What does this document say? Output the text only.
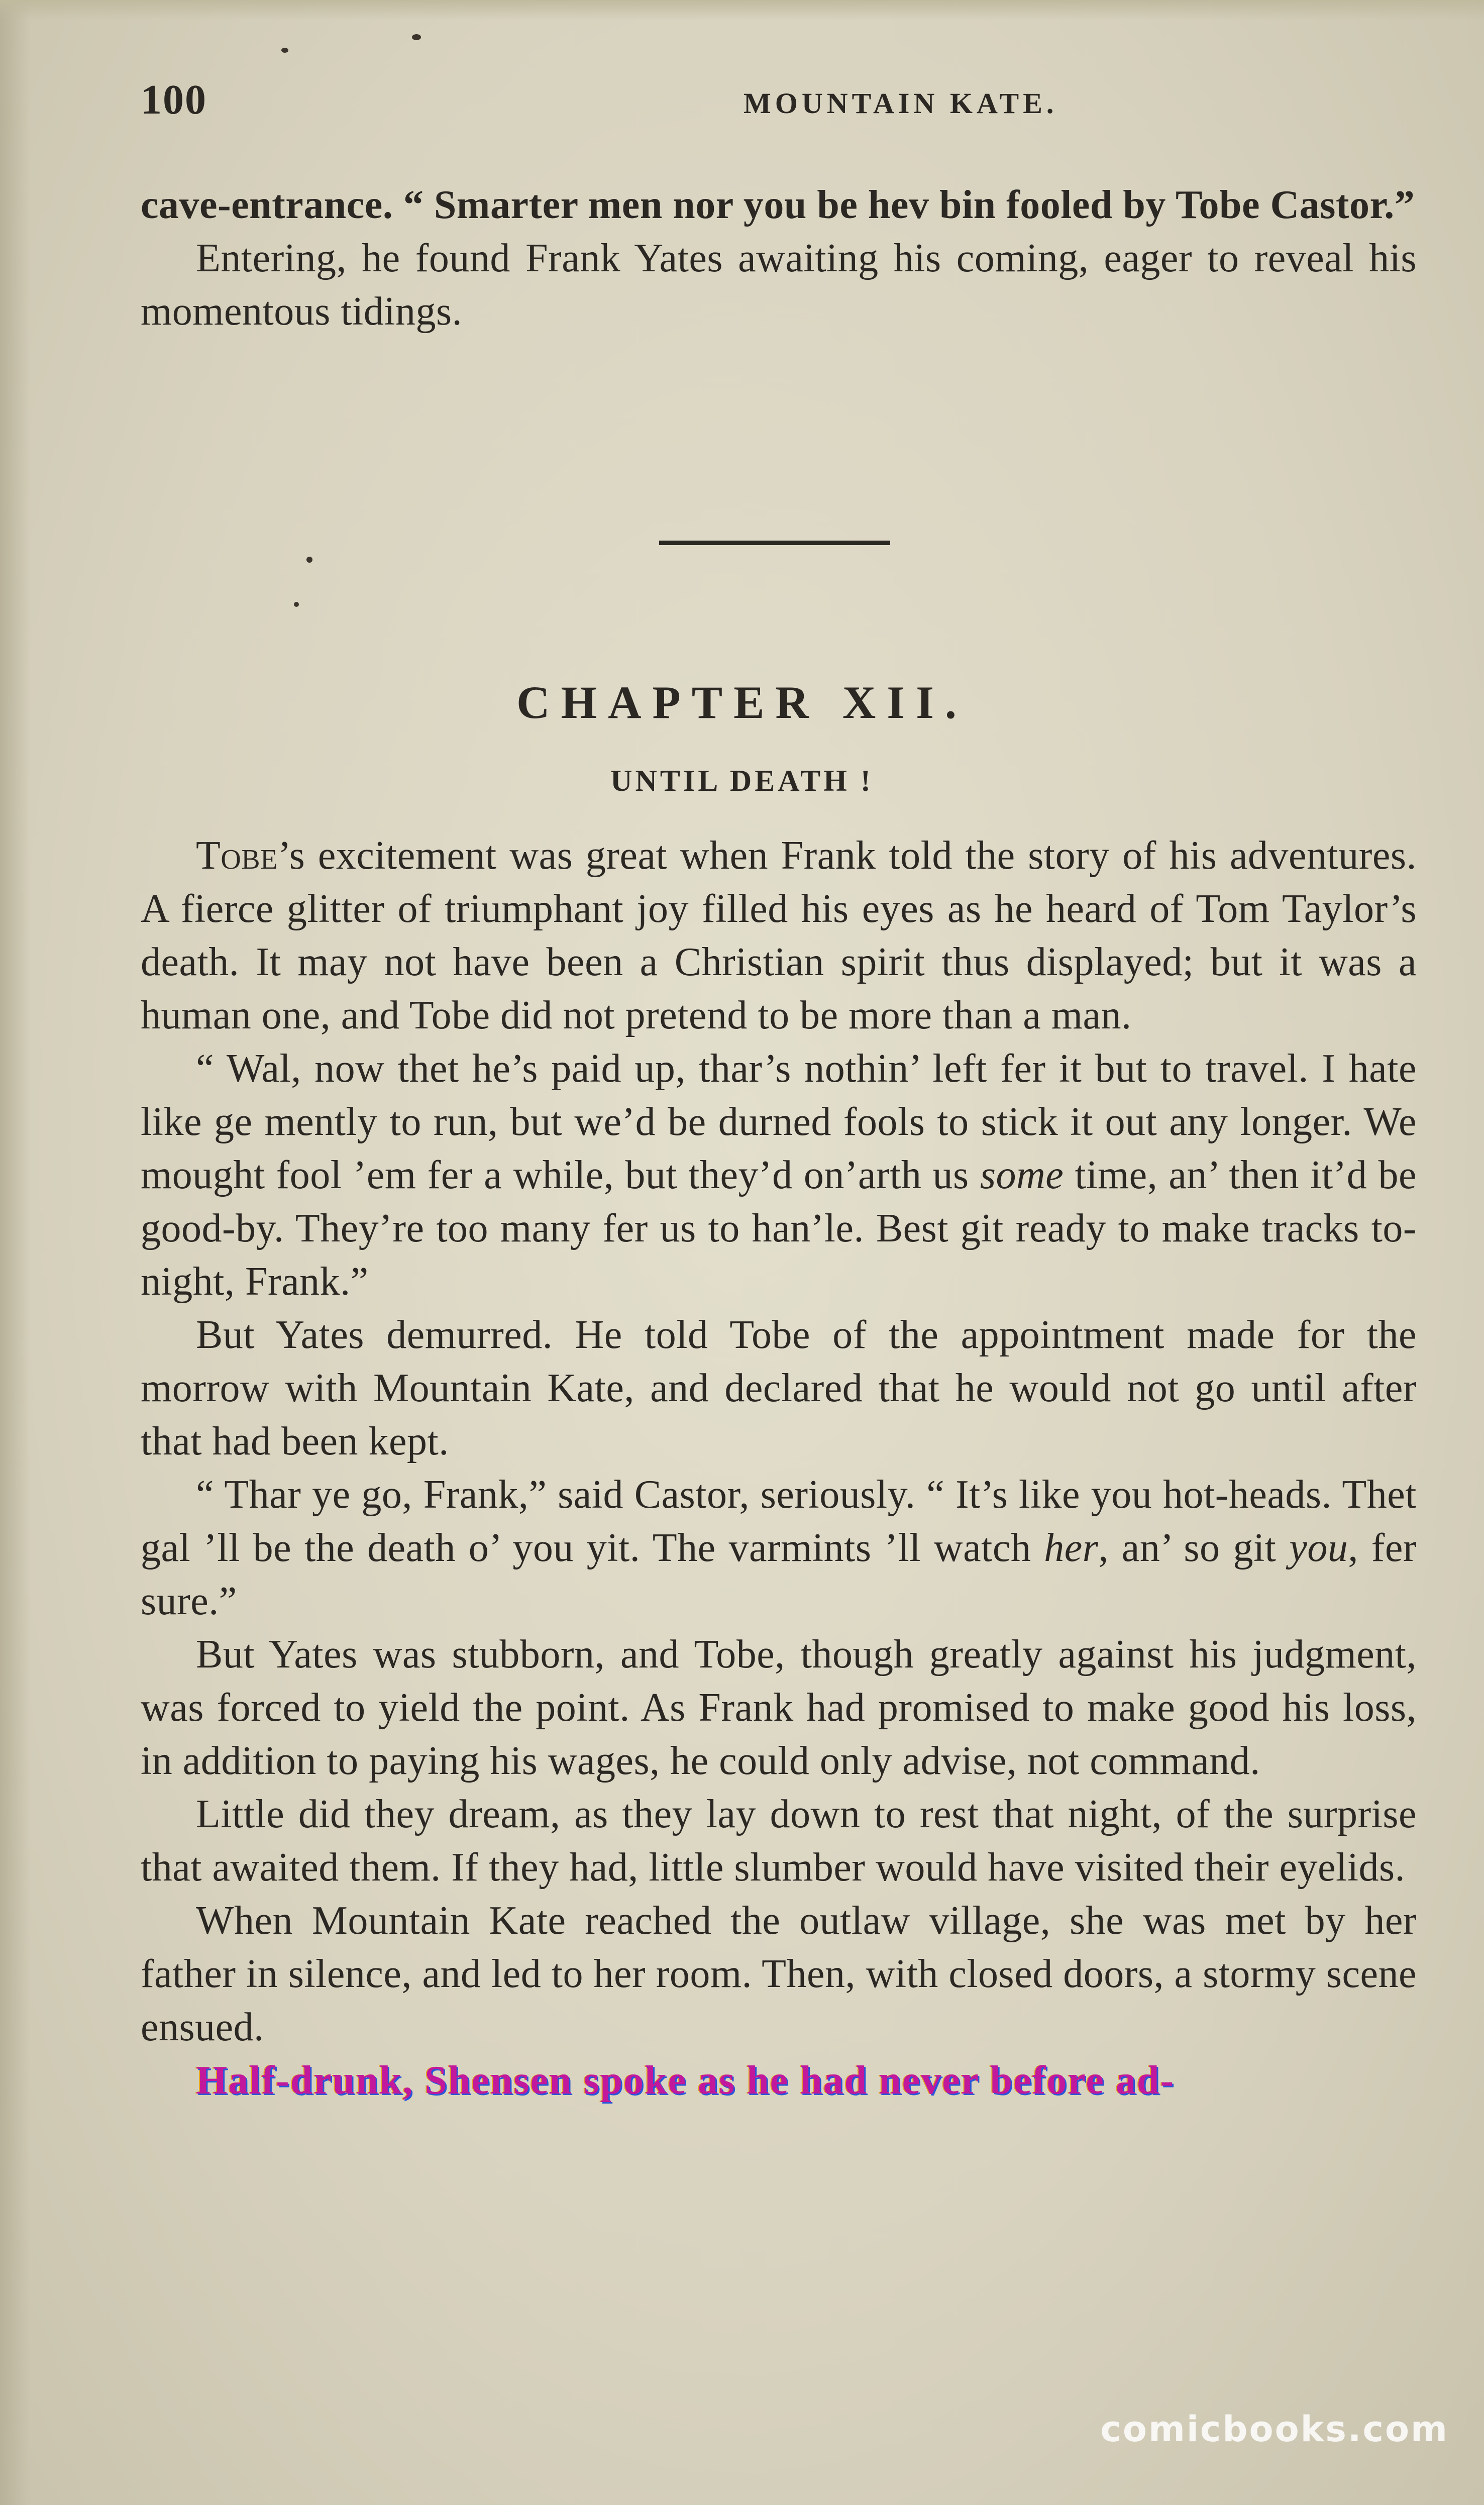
100	MOUNTAIN KATE.

cave-entrance. “ Smarter men nor you be hev bin fooled by Tobe Castor.”

Entering, he found Frank Yates awaiting his coming, eager to reveal his momentous tidings.

CHAPTER XII.
UNTIL DEATH !

Tobe’s excitement was great when Frank told the story of his adventures. A fierce glitter of triumphant joy filled his eyes as he heard of Tom Taylor’s death. It may not have been a Christian spirit thus displayed; but it was a human one, and Tobe did not pretend to be more than a man.

“ Wal, now thet he’s paid up, thar’s nothin’ left fer it but to travel. I hate like ge mently to run, but we’d be durned fools to stick it out any longer. We mought fool ’em fer a while, but they’d on’arth us some time, an’ then it’d be good-by. They’re too many fer us to han’le. Best git ready to make tracks to-night, Frank.”

But Yates demurred. He told Tobe of the appointment made for the morrow with Mountain Kate, and declared that he would not go until after that had been kept.

“ Thar ye go, Frank,” said Castor, seriously. “ It’s like you hot-heads. Thet gal ’ll be the death o’ you yit. The varmints ’ll watch her, an’ so git you, fer sure.”

But Yates was stubborn, and Tobe, though greatly against his judgment, was forced to yield the point. As Frank had promised to make good his loss, in addition to paying his wages, he could only advise, not command.

Little did they dream, as they lay down to rest that night, of the surprise that awaited them. If they had, little slumber would have visited their eyelids.

When Mountain Kate reached the outlaw village, she was met by her father in silence, and led to her room. Then, with closed doors, a stormy scene ensued.

Half-drunk, Shensen spoke as he had never before ad-

comicbooks.com
